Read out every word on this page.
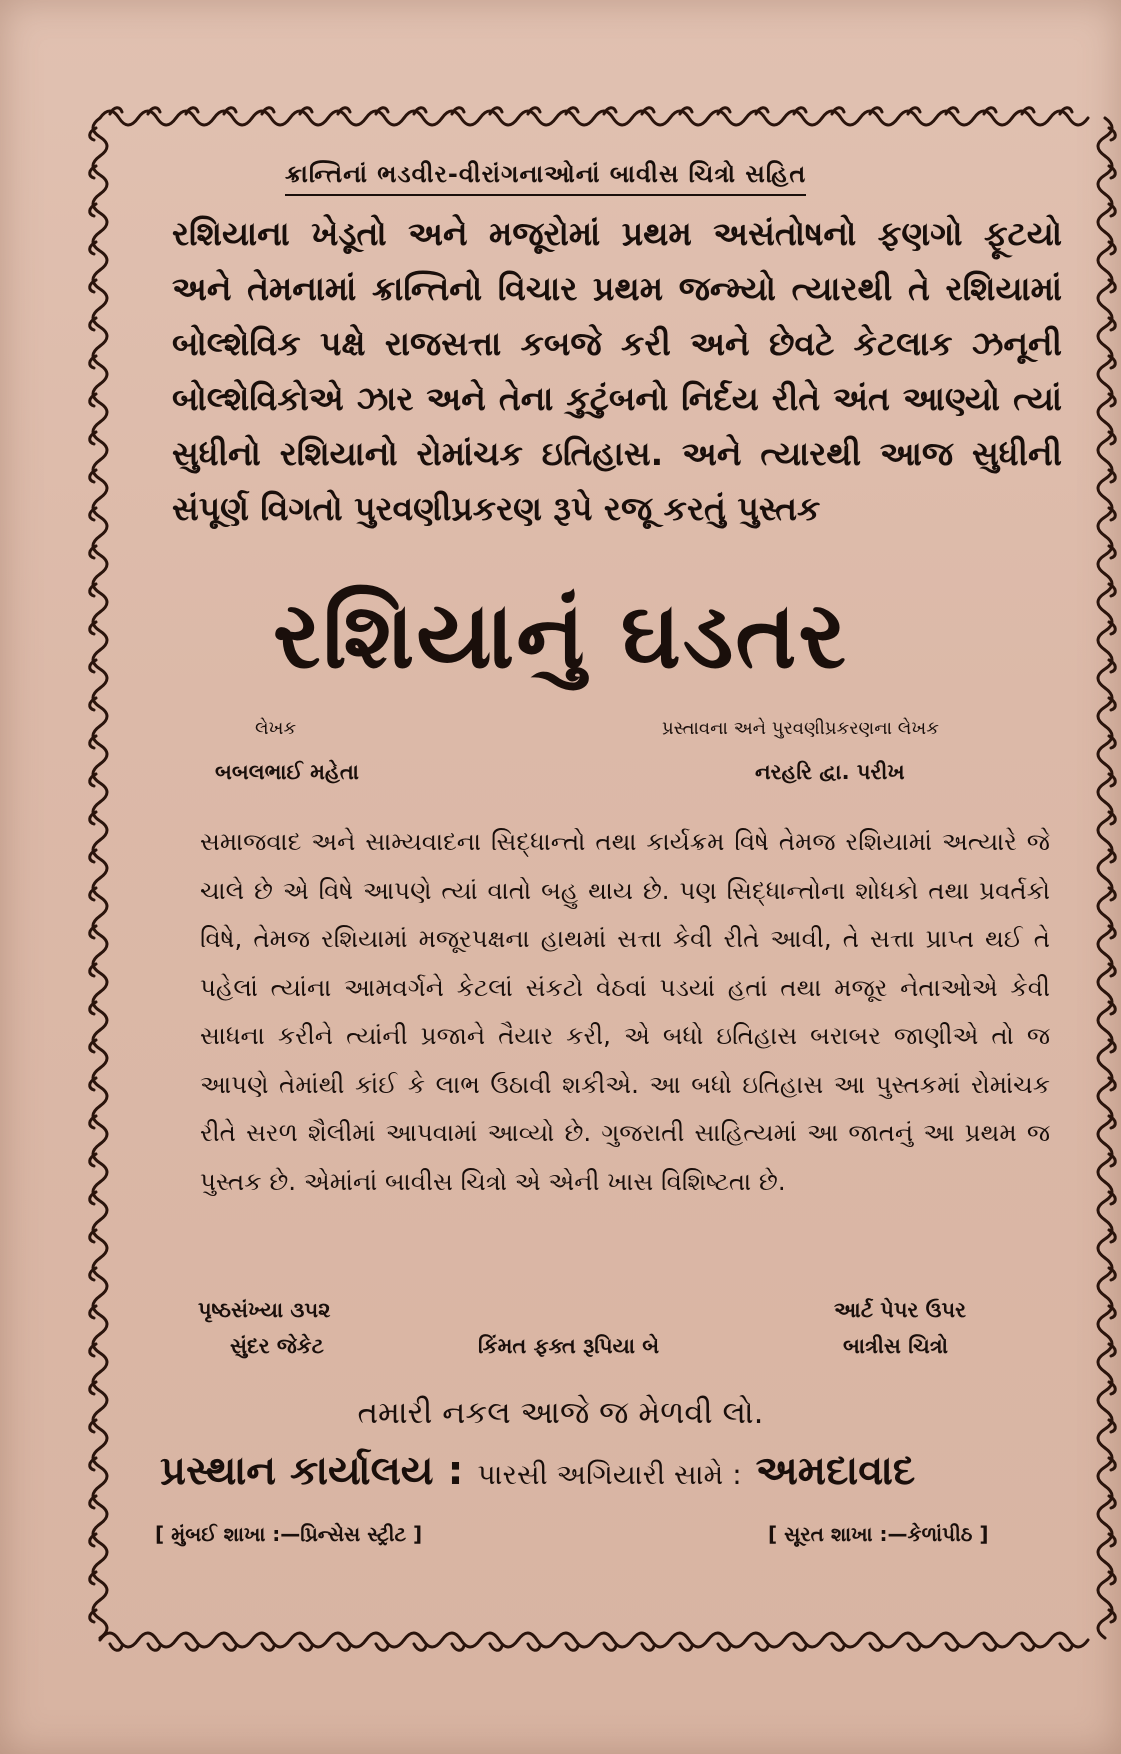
ક્રાન્તિનાં ભડવીર-વીરાંગનાઓનાં બાવીસ ચિત્રો સહિત
રશિયાના ખેડૂતો અને મજૂરોમાં પ્રથમ અસંતોષનો ફણગો ફૂટયો અને તેમનામાં ક્રાન્તિનો વિચાર પ્રથમ જન્મ્યો ત્યારથી તે રશિયામાં બોલ્શેવિક પક્ષે રાજસત્તા કબજે કરી અને છેવટે કેટલાક ઝનૂની બોલ્શેવિકોએ ઝાર અને તેના કુટુંબનો નિર્દય રીતે અંત આણ્યો ત્યાં સુધીનો રશિયાનો રોમાંચક ઇતિહાસ. અને ત્યારથી આજ સુધીની સંપૂર્ણ વિગતો પુરવણીપ્રકરણ રૂપે રજૂ કરતું પુસ્તક
રશિયાનું ઘડતર
લેખક
બબલભાઈ મહેતા
પ્રસ્તાવના અને પુરવણીપ્રકરણના લેખક
નરહરિ દ્વા. પરીખ
સમાજવાદ અને સામ્યવાદના સિદ્ધાન્તો તથા કાર્યક્રમ વિષે તેમજ રશિયામાં અત્યારે જે ચાલે છે એ વિષે આપણે ત્યાં વાતો બહુ થાય છે. પણ સિદ્ધાન્તોના શોધકો તથા પ્રવર્તકો વિષે, તેમજ રશિયામાં મજૂરપક્ષના હાથમાં સત્તા કેવી રીતે આવી, તે સત્તા પ્રાપ્ત થઈ તે પહેલાં ત્યાંના આમવર્ગને કેટલાં સંકટો વેઠવાં પડયાં હતાં તથા મજૂર નેતાઓએ કેવી સાધના કરીને ત્યાંની પ્રજાને તૈયાર કરી, એ બધો ઇતિહાસ બરાબર જાણીએ તો જ આપણે તેમાંથી કાંઈ કે લાભ ઉઠાવી શકીએ. આ બધો ઇતિહાસ આ પુસ્તકમાં રોમાંચક રીતે સરળ શૈલીમાં આપવામાં આવ્યો છે. ગુજરાતી સાહિત્યમાં આ જાતનું આ પ્રથમ જ પુસ્તક છે. એમાંનાં બાવીસ ચિત્રો એ એની ખાસ વિશિષ્ટતા છે.
પૃષ્ઠસંખ્યા ૩૫૨
સુંદર જેકેટ	કિંમત ફક્ત રૂપિયા બે
આર્ટ પેપર ઉપર
બાત્રીસ ચિત્રો
તમારી નકલ આજે જ મેળવી લો.
પ્રસ્થાન કાર્યાલય : પારસી અગિયારી સામે : અમદાવાદ
[ મુંબઈ શાખા :—પ્રિન્સેસ સ્ટ્રીટ ]	[ સૂરત શાખા :—કેળાંપીઠ ]
